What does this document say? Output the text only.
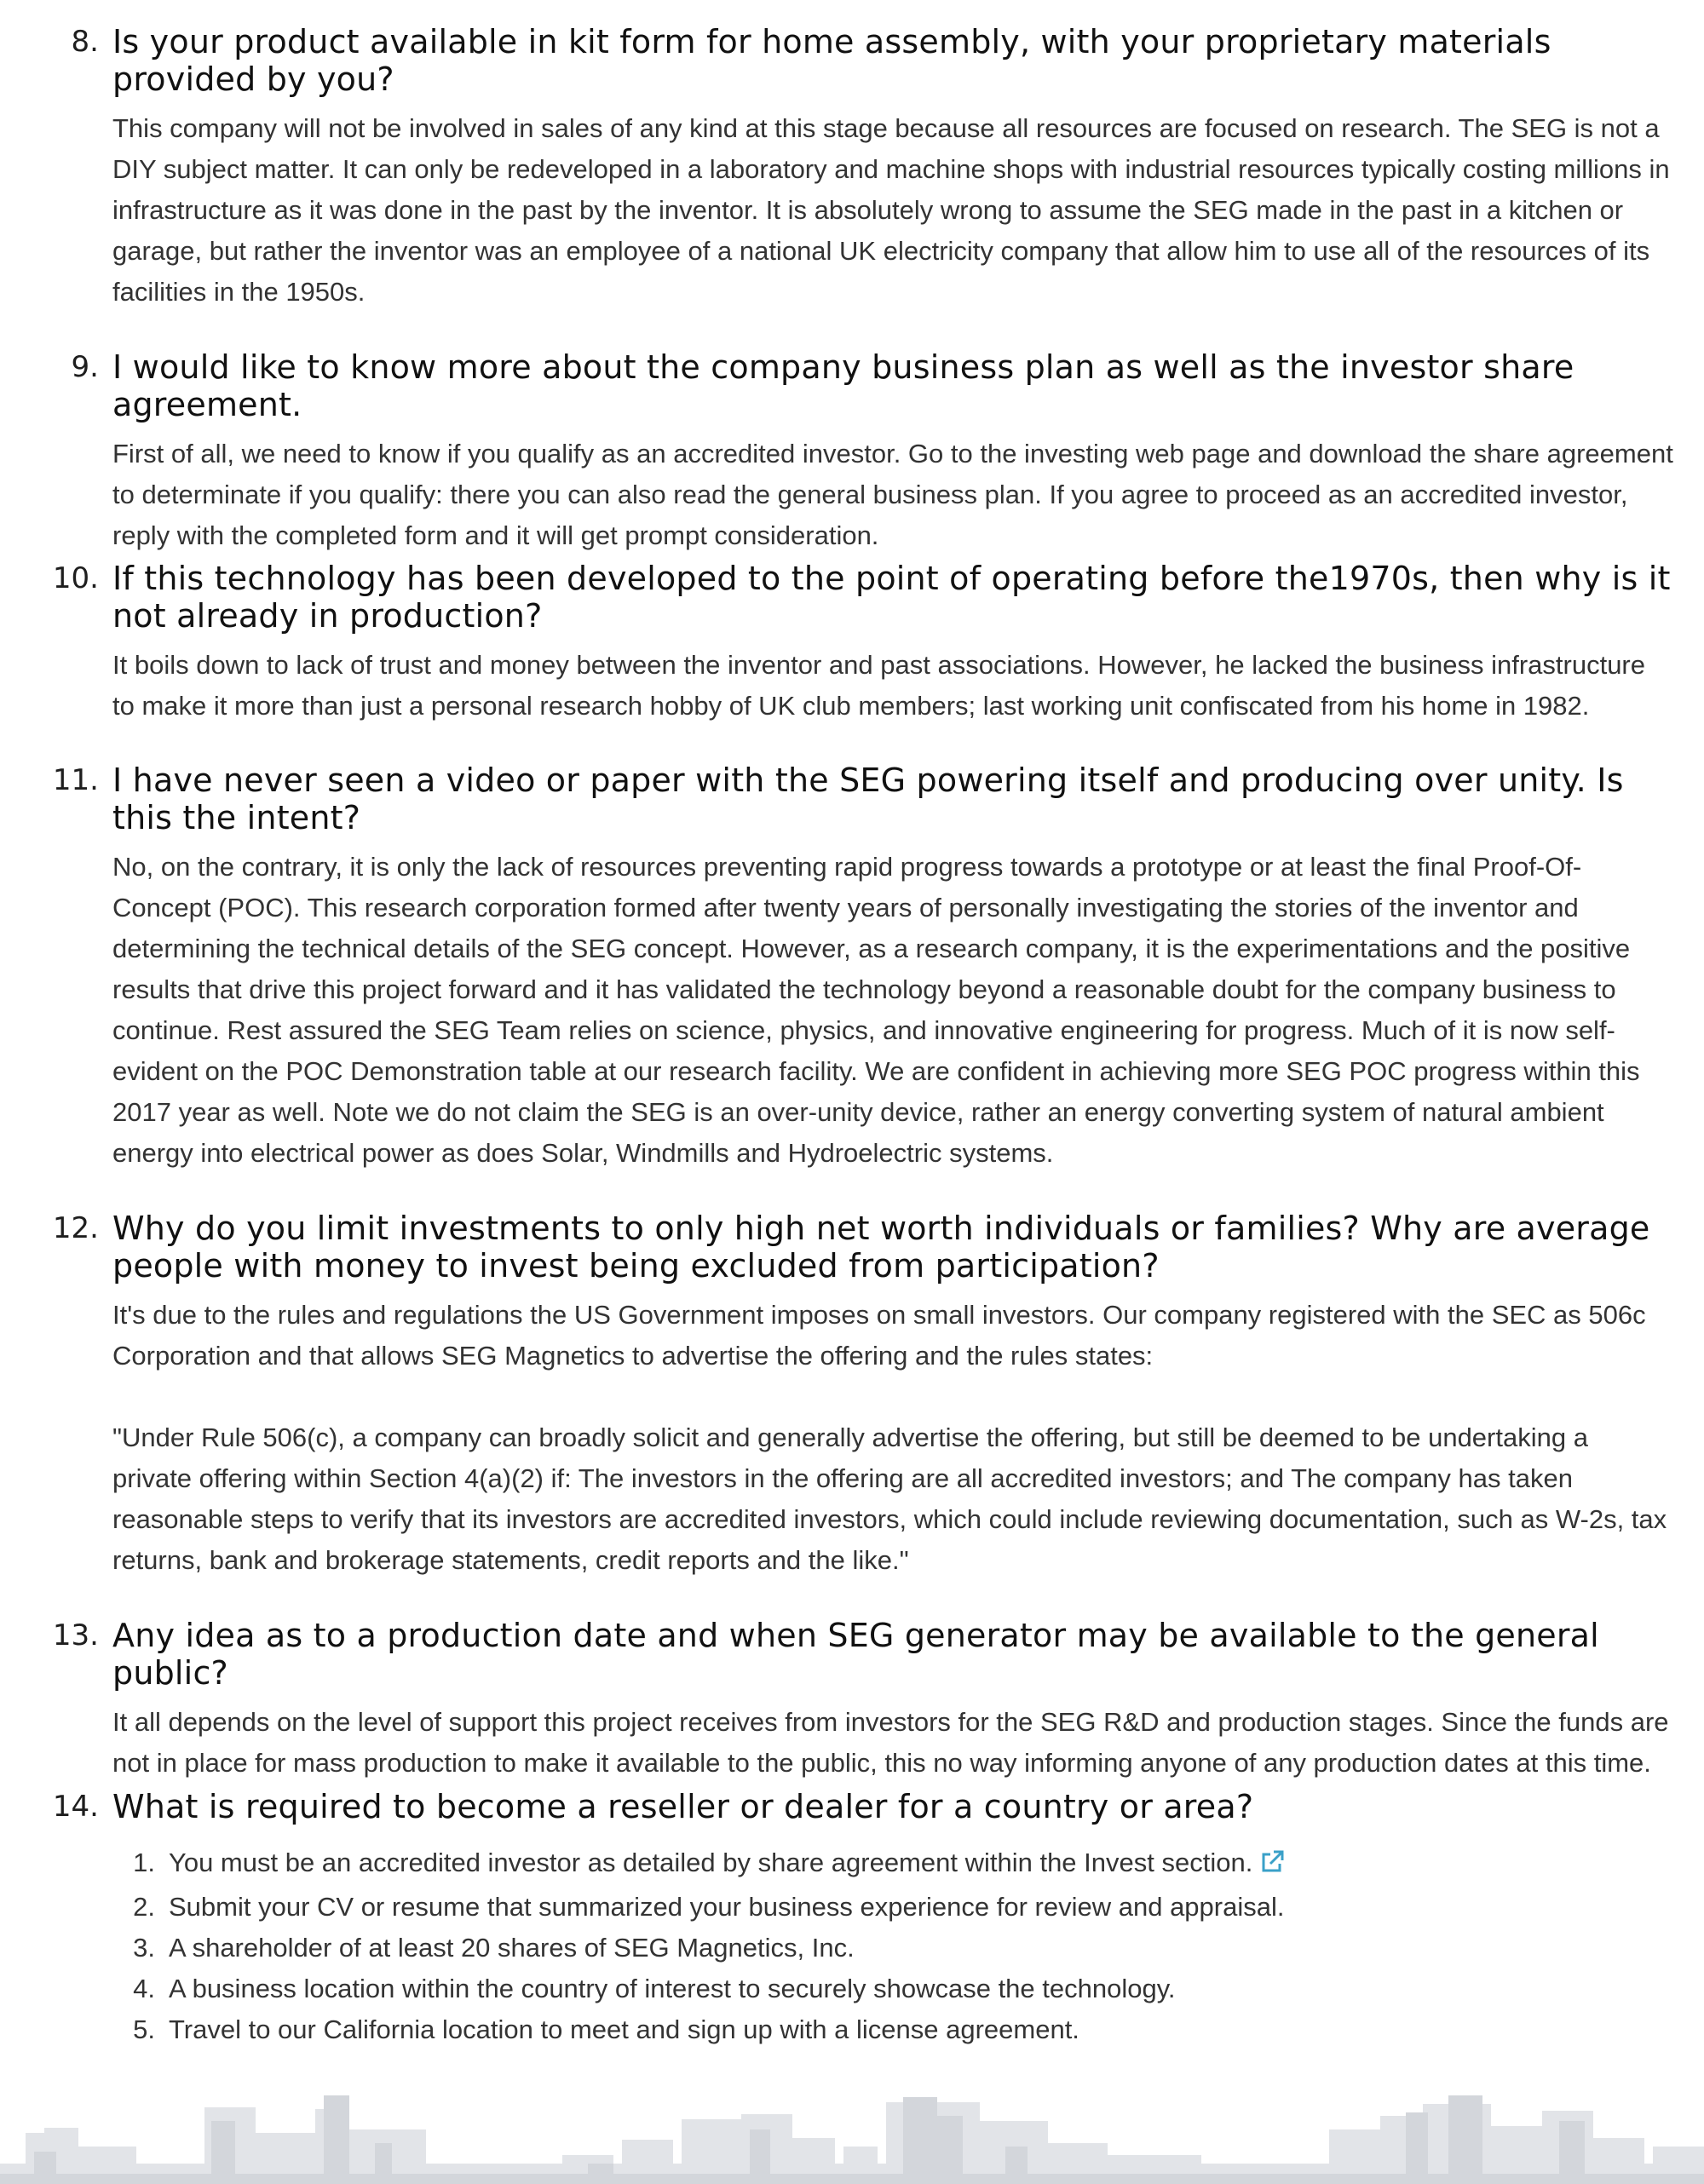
8. Is your product available in kit form for home assembly, with your proprietary materials provided by you?

This company will not be involved in sales of any kind at this stage because all resources are focused on research. The SEG is not a DIY subject matter. It can only be redeveloped in a laboratory and machine shops with industrial resources typically costing millions in infrastructure as it was done in the past by the inventor. It is absolutely wrong to assume the SEG made in the past in a kitchen or garage, but rather the inventor was an employee of a national UK electricity company that allow him to use all of the resources of its facilities in the 1950s.

9. I would like to know more about the company business plan as well as the investor share agreement.

First of all, we need to know if you qualify as an accredited investor. Go to the investing web page and download the share agreement to determinate if you qualify: there you can also read the general business plan. If you agree to proceed as an accredited investor, reply with the completed form and it will get prompt consideration.

10. If this technology has been developed to the point of operating before the1970s, then why is it not already in production?

It boils down to lack of trust and money between the inventor and past associations. However, he lacked the business infrastructure to make it more than just a personal research hobby of UK club members; last working unit confiscated from his home in 1982.

11. I have never seen a video or paper with the SEG powering itself and producing over unity. Is this the intent?

No, on the contrary, it is only the lack of resources preventing rapid progress towards a prototype or at least the final Proof-Of-Concept (POC). This research corporation formed after twenty years of personally investigating the stories of the inventor and determining the technical details of the SEG concept. However, as a research company, it is the experimentations and the positive results that drive this project forward and it has validated the technology beyond a reasonable doubt for the company business to continue. Rest assured the SEG Team relies on science, physics, and innovative engineering for progress. Much of it is now self-evident on the POC Demonstration table at our research facility. We are confident in achieving more SEG POC progress within this 2017 year as well. Note we do not claim the SEG is an over-unity device, rather an energy converting system of natural ambient energy into electrical power as does Solar, Windmills and Hydroelectric systems.

12. Why do you limit investments to only high net worth individuals or families? Why are average people with money to invest being excluded from participation?

It's due to the rules and regulations the US Government imposes on small investors. Our company registered with the SEC as 506c Corporation and that allows SEG Magnetics to advertise the offering and the rules states:

"Under Rule 506(c), a company can broadly solicit and generally advertise the offering, but still be deemed to be undertaking a private offering within Section 4(a)(2) if: The investors in the offering are all accredited investors; and The company has taken reasonable steps to verify that its investors are accredited investors, which could include reviewing documentation, such as W-2s, tax returns, bank and brokerage statements, credit reports and the like."

13. Any idea as to a production date and when SEG generator may be available to the general public?

It all depends on the level of support this project receives from investors for the SEG R&D and production stages. Since the funds are not in place for mass production to make it available to the public, this no way informing anyone of any production dates at this time.

14. What is required to become a reseller or dealer for a country or area?
1. You must be an accredited investor as detailed by share agreement within the Invest section.
2. Submit your CV or resume that summarized your business experience for review and appraisal.
3. A shareholder of at least 20 shares of SEG Magnetics, Inc.
4. A business location within the country of interest to securely showcase the technology.
5. Travel to our California location to meet and sign up with a license agreement.
